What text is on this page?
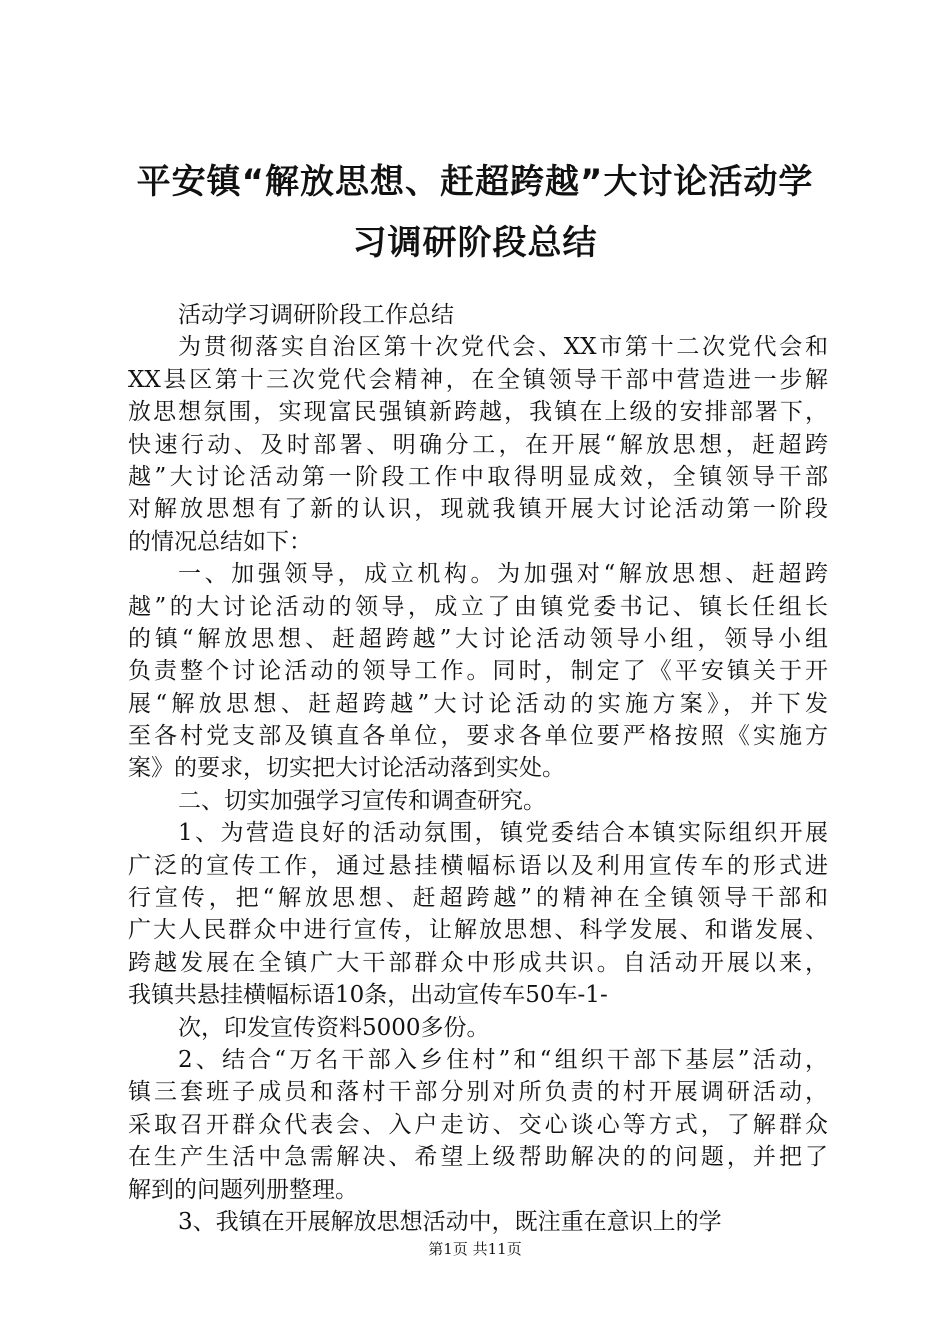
平安镇“解放思想、赶超跨越”大讨论活动学
习调研阶段总结
活动学习调研阶段工作总结
为贯彻落实自治区第十次党代会、XX市第十二次党代会和
XX县区第十三次党代会精神，在全镇领导干部中营造进一步解
放思想氛围，实现富民强镇新跨越，我镇在上级的安排部署下，
快速行动、及时部署、明确分工，在开展“解放思想，赶超跨
越”大讨论活动第一阶段工作中取得明显成效，全镇领导干部
对解放思想有了新的认识，现就我镇开展大讨论活动第一阶段
的情况总结如下：
一、加强领导，成立机构。为加强对“解放思想、赶超跨
越”的大讨论活动的领导，成立了由镇党委书记、镇长任组长
的镇“解放思想、赶超跨越”大讨论活动领导小组，领导小组
负责整个讨论活动的领导工作。同时，制定了《平安镇关于开
展“解放思想、赶超跨越”大讨论活动的实施方案》，并下发
至各村党支部及镇直各单位，要求各单位要严格按照《实施方
案》的要求，切实把大讨论活动落到实处。
二、切实加强学习宣传和调查研究。
1、为营造良好的活动氛围，镇党委结合本镇实际组织开展
广泛的宣传工作，通过悬挂横幅标语以及利用宣传车的形式进
行宣传，把“解放思想、赶超跨越”的精神在全镇领导干部和
广大人民群众中进行宣传，让解放思想、科学发展、和谐发展、
跨越发展在全镇广大干部群众中形成共识。自活动开展以来，
我镇共悬挂横幅标语10条，出动宣传车50车-1-
次，印发宣传资料5000多份。
2、结合“万名干部入乡住村”和“组织干部下基层”活动，
镇三套班子成员和落村干部分别对所负责的村开展调研活动，
采取召开群众代表会、入户走访、交心谈心等方式，了解群众
在生产生活中急需解决、希望上级帮助解决的的问题，并把了
解到的问题列册整理。
3、我镇在开展解放思想活动中，既注重在意识上的学
第1页 共11页
